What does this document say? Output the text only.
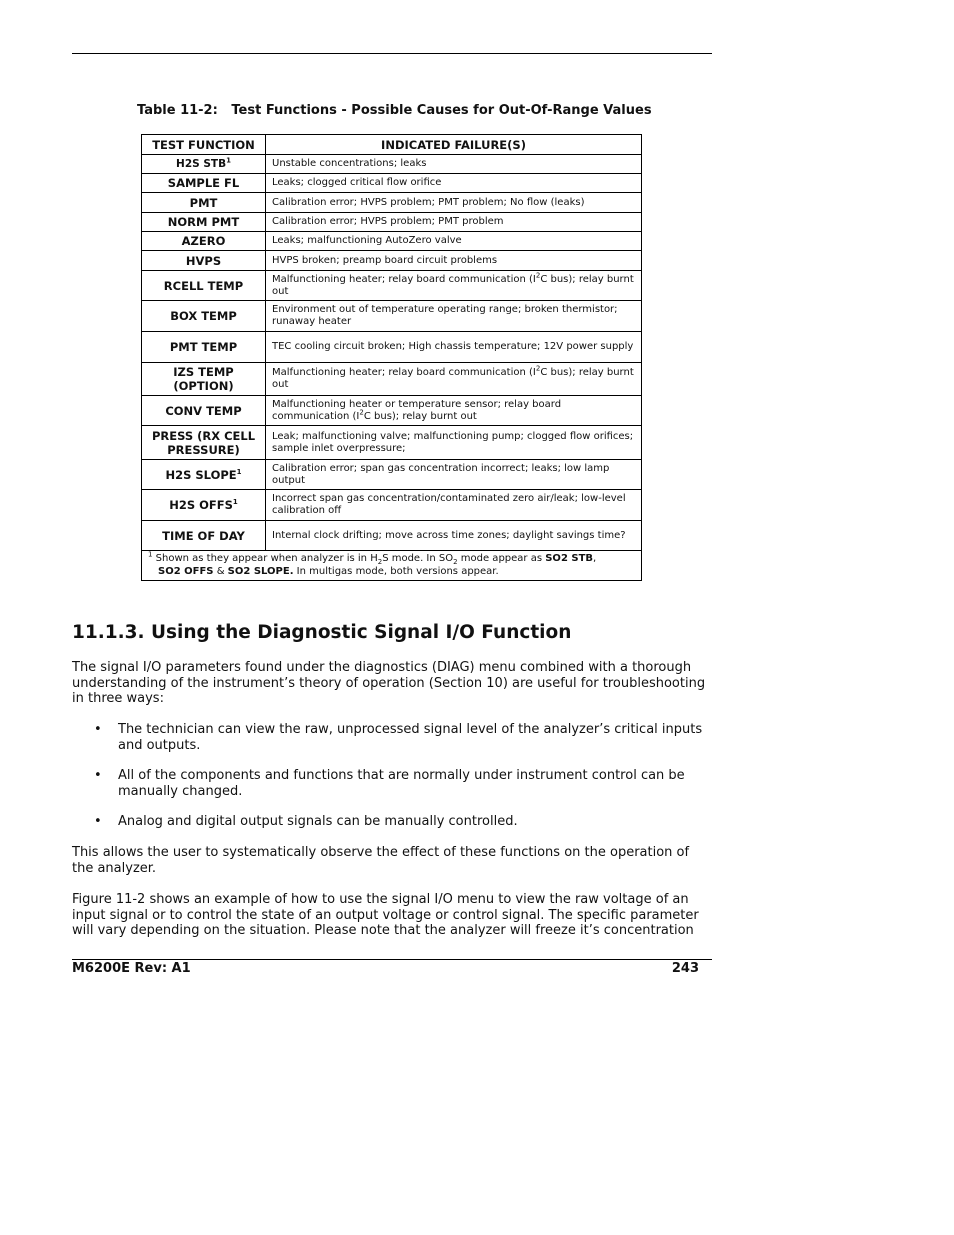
Table 11-2:   Test Functions - Possible Causes for Out-Of-Range Values
TEST FUNCTION	INDICATED FAILURE(S)
H2S STB$^1$	Unstable concentrations; leaks
SAMPLE FL	Leaks; clogged critical flow orifice
PMT	Calibration error; HVPS problem; PMT problem; No flow (leaks)
NORM PMT	Calibration error; HVPS problem; PMT problem
AZERO	Leaks; malfunctioning AutoZero valve
HVPS	HVPS broken; preamp board circuit problems
RCELL TEMP	Malfunctioning heater; relay board communication ($I^2C$ bus); relay burnt out
BOX TEMP	Environment out of temperature operating range; broken thermistor; runaway heater
PMT TEMP	TEC cooling circuit broken; High chassis temperature; 12V power supply
IZS TEMP (OPTION)	Malfunctioning heater; relay board communication ($I^2C$ bus); relay burnt out
CONV TEMP	Malfunctioning heater or temperature sensor; relay board communication ($I^2C$ bus); relay burnt out
PRESS (RX CELL PRESSURE)	Leak; malfunctioning valve; malfunctioning pump; clogged flow orifices; sample inlet overpressure;
H2S SLOPE$^1$	Calibration error; span gas concentration incorrect; leaks; low lamp output
H2S OFFS$^1$	Incorrect span gas concentration/contaminated zero air/leak; low-level calibration off
TIME OF DAY	Internal clock drifting; move across time zones; daylight savings time?
$^1$ Shown as they appear when analyzer is in $H_2S$ mode. In $SO_2$ mode appear as SO2 STB,
SO2 OFFS & SO2 SLOPE. In multigas mode, both versions appear.	
11.1.3. Using the Diagnostic Signal I/O Function

The signal I/O parameters found under the diagnostics (DIAG) menu combined with a thorough understanding of the instrument’s theory of operation (Section 10) are useful for troubleshooting in three ways:

• The technician can view the raw, unprocessed signal level of the analyzer’s critical inputs and outputs.
• All of the components and functions that are normally under instrument control can be manually changed.
• Analog and digital output signals can be manually controlled.

This allows the user to systematically observe the effect of these functions on the operation of the analyzer.

Figure 11-2 shows an example of how to use the signal I/O menu to view the raw voltage of an input signal or to control the state of an output voltage or control signal. The specific parameter will vary depending on the situation. Please note that the analyzer will freeze it’s concentration

M6200E Rev: A1	243
